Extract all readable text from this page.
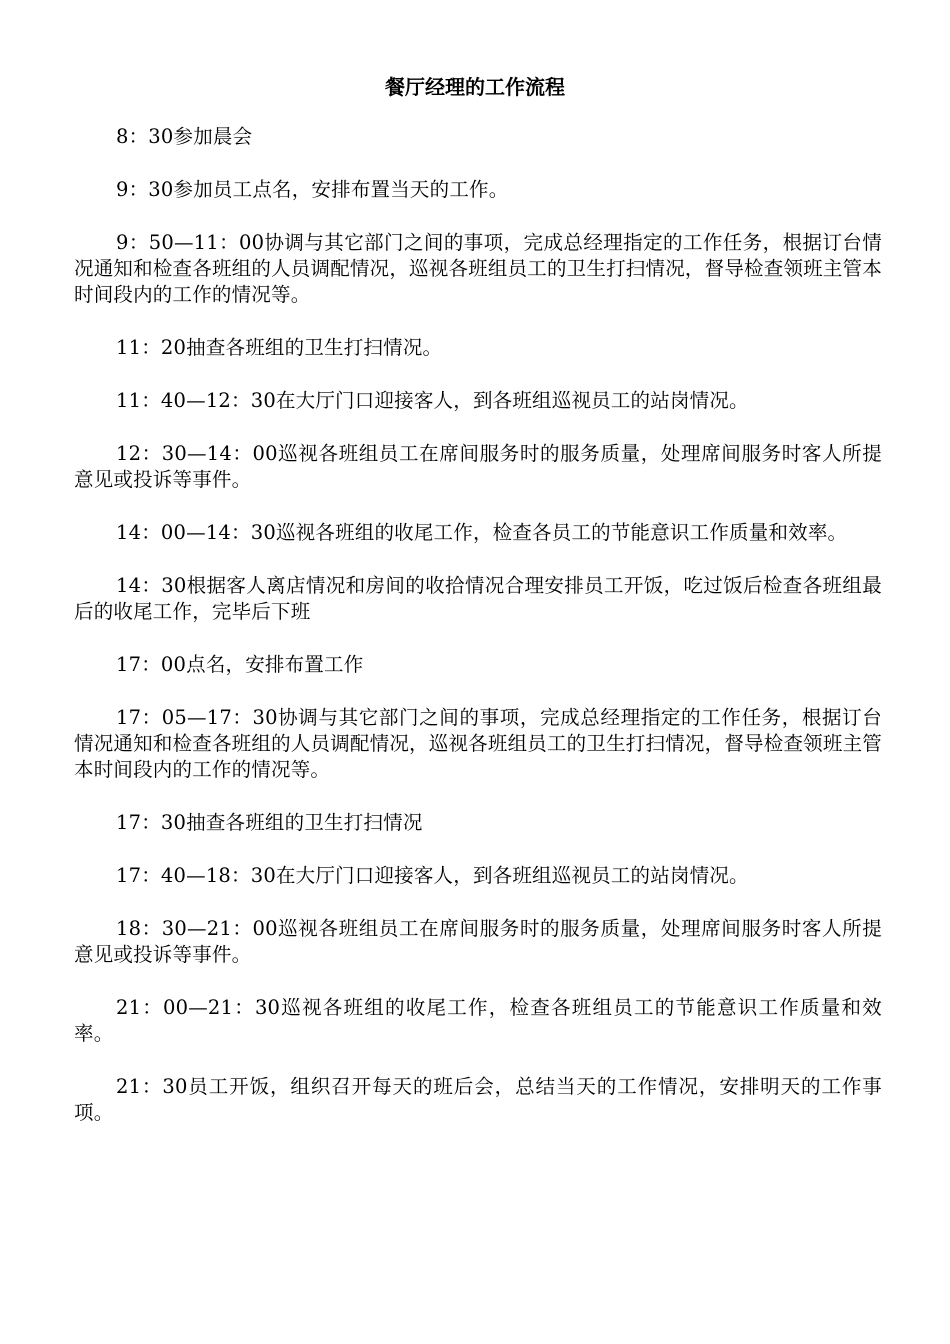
餐厅经理的工作流程

8：30参加晨会

9：30参加员工点名，安排布置当天的工作。

9：50—11：00协调与其它部门之间的事项，完成总经理指定的工作任务，根据订台情况通知和检查各班组的人员调配情况，巡视各班组员工的卫生打扫情况，督导检查领班主管本时间段内的工作的情况等。

11：20抽查各班组的卫生打扫情况。

11：40—12：30在大厅门口迎接客人，到各班组巡视员工的站岗情况。

12：30—14：00巡视各班组员工在席间服务时的服务质量，处理席间服务时客人所提意见或投诉等事件。

14：00—14：30巡视各班组的收尾工作，检查各员工的节能意识工作质量和效率。

14：30根据客人离店情况和房间的收拾情况合理安排员工开饭，吃过饭后检查各班组最后的收尾工作，完毕后下班

17：00点名，安排布置工作

17：05—17：30协调与其它部门之间的事项，完成总经理指定的工作任务，根据订台情况通知和检查各班组的人员调配情况，巡视各班组员工的卫生打扫情况，督导检查领班主管本时间段内的工作的情况等。

17：30抽查各班组的卫生打扫情况

17：40—18：30在大厅门口迎接客人，到各班组巡视员工的站岗情况。

18：30—21：00巡视各班组员工在席间服务时的服务质量，处理席间服务时客人所提意见或投诉等事件。

21：00—21：30巡视各班组的收尾工作，检查各班组员工的节能意识工作质量和效率。

21：30员工开饭，组织召开每天的班后会，总结当天的工作情况，安排明天的工作事项。
